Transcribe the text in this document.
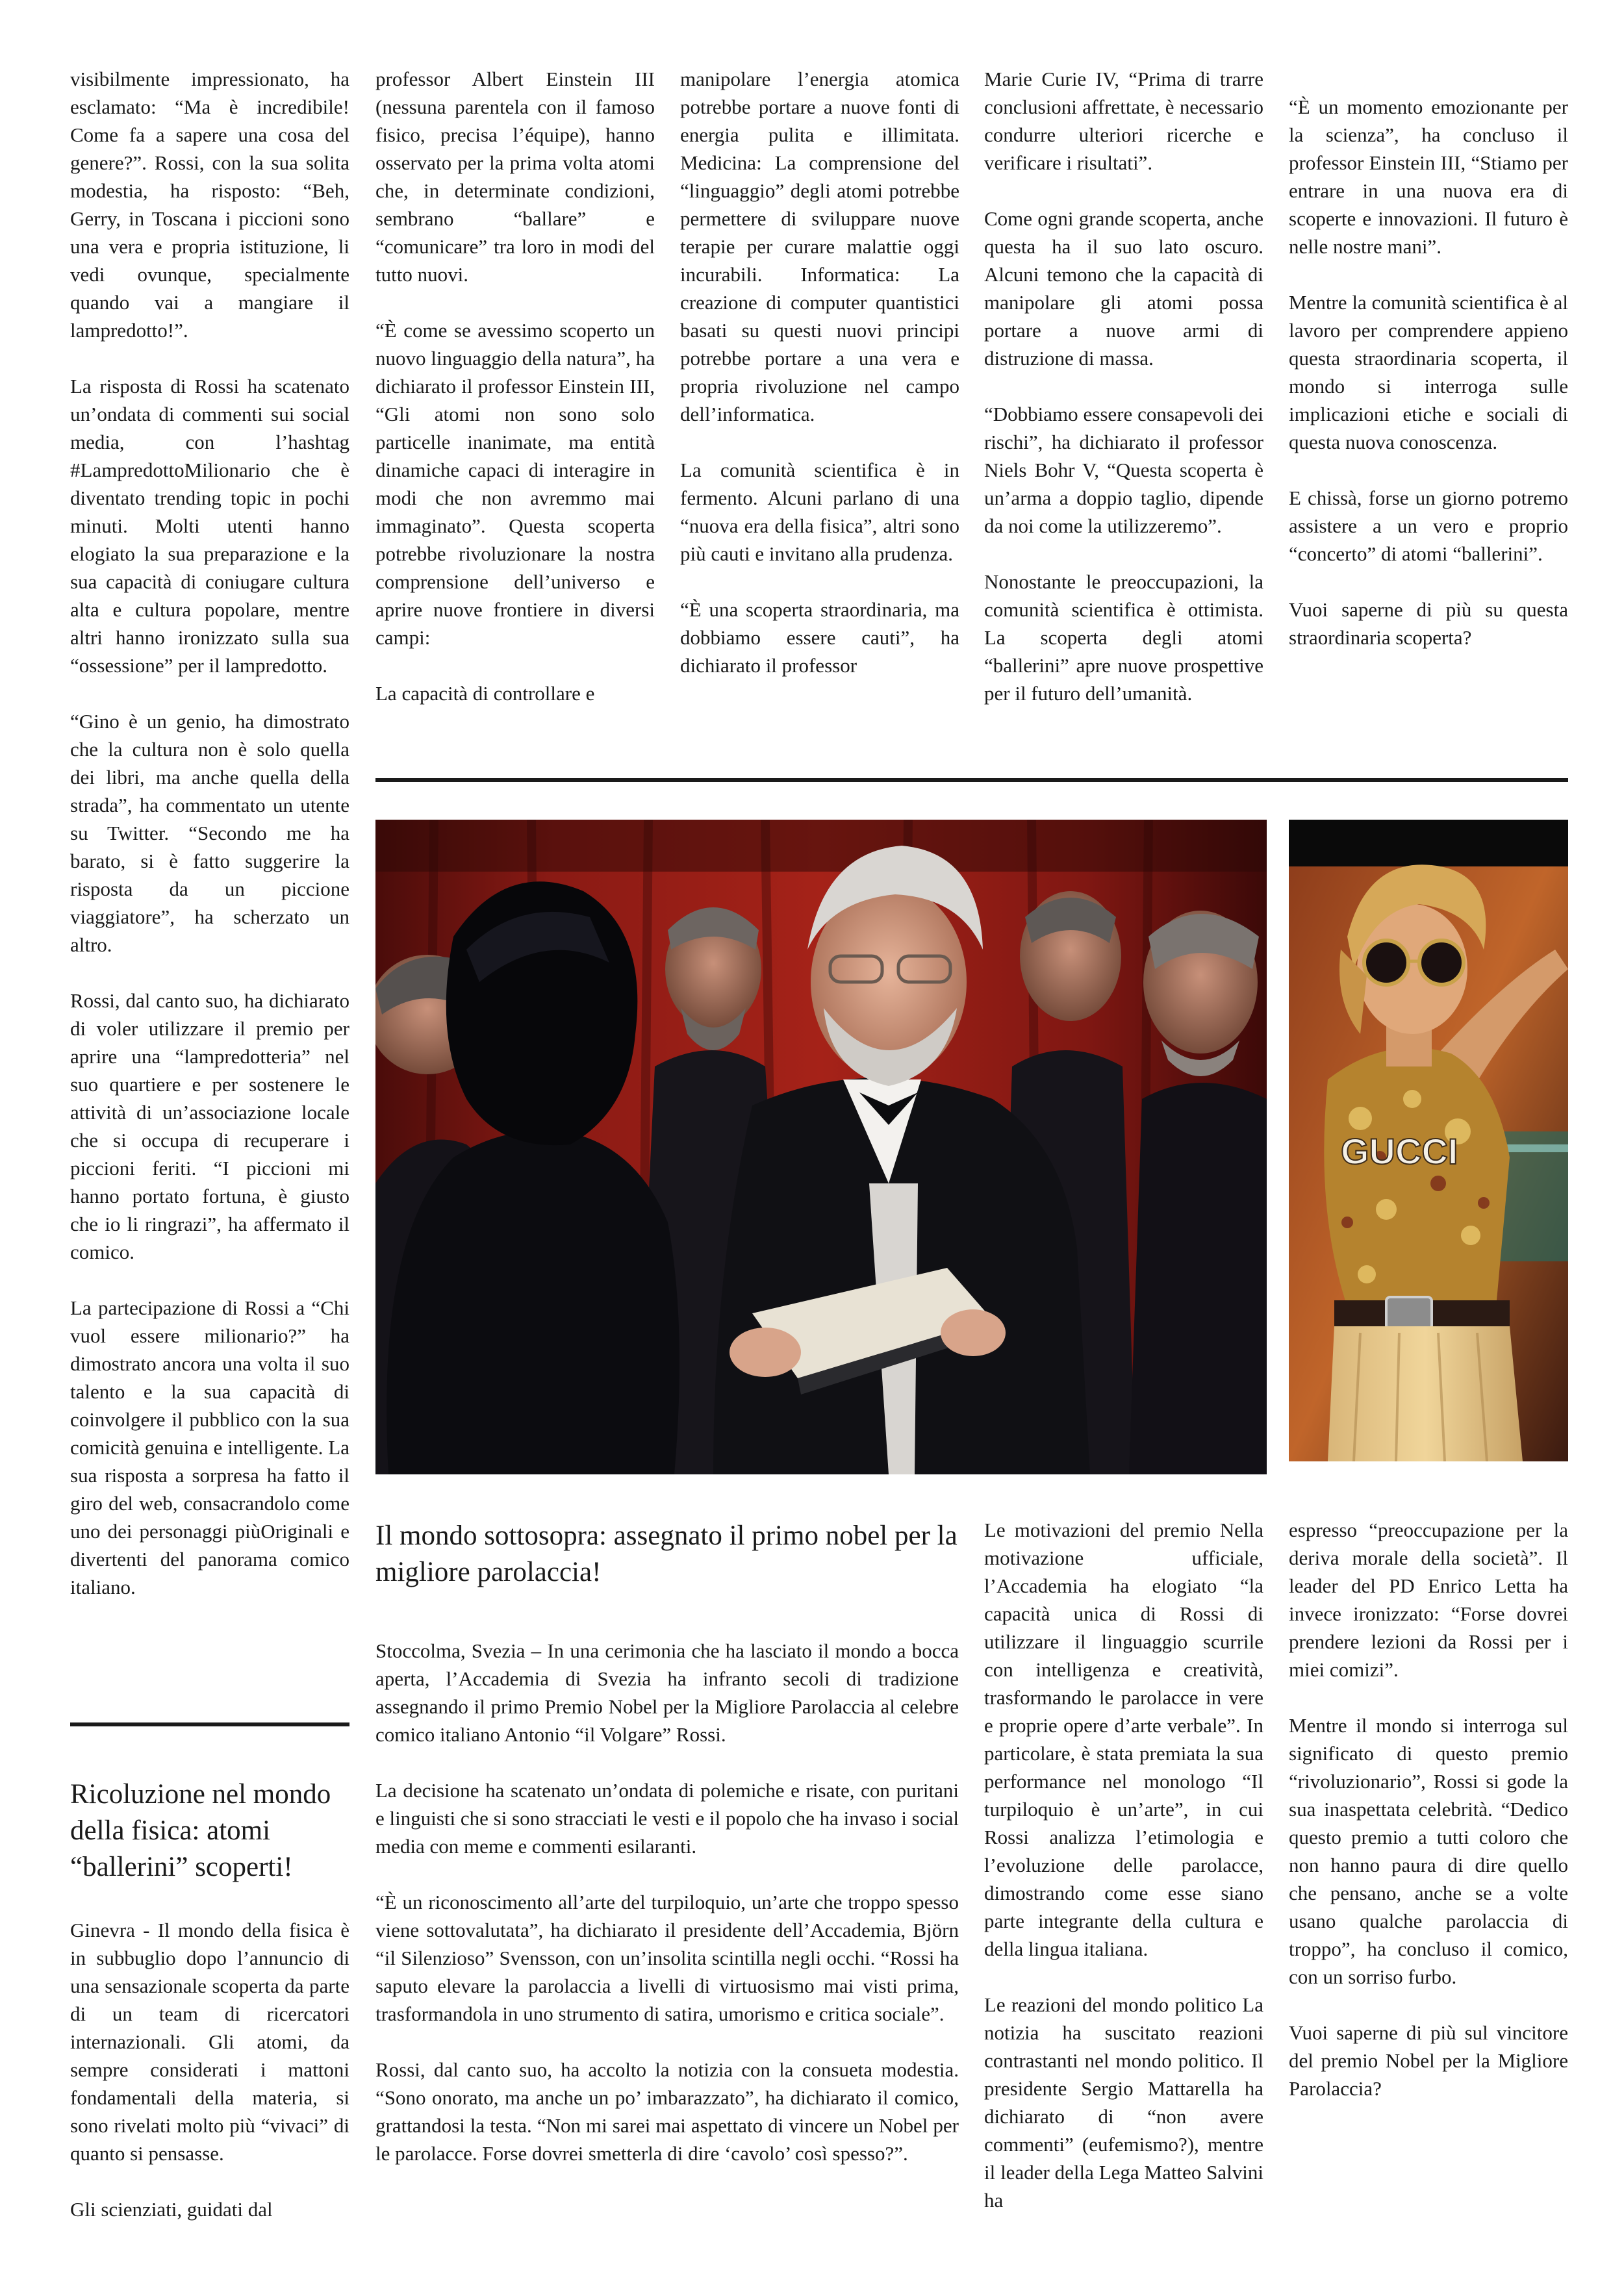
visibilmente impressionato, ha esclamato: “Ma è incredibile! Come fa a sapere una cosa del genere?”. Rossi, con la sua solita modestia, ha risposto: “Beh, Gerry, in Toscana i piccioni sono una vera e propria istituzione, li vedi ovunque, specialmente quando vai a mangiare il lampredotto!”.

La risposta di Rossi ha scatenato un’ondata di commenti sui social media, con l’hashtag #LampredottoMilionario che è diventato trending topic in pochi minuti. Molti utenti hanno elogiato la sua preparazione e la sua capacità di coniugare cultura alta e cultura popolare, mentre altri hanno ironizzato sulla sua “ossessione” per il lampredotto.

“Gino è un genio, ha dimostrato che la cultura non è solo quella dei libri, ma anche quella della strada”, ha commentato un utente su Twitter. “Secondo me ha barato, si è fatto suggerire la risposta da un piccione viaggiatore”, ha scherzato un altro.

Rossi, dal canto suo, ha dichiarato di voler utilizzare il premio per aprire una “lampredotteria” nel suo quartiere e per sostenere le attività di un’associazione locale che si occupa di recuperare i piccioni feriti. “I piccioni mi hanno portato fortuna, è giusto che io li ringrazi”, ha affermato il comico.

La partecipazione di Rossi a “Chi vuol essere milionario?” ha dimostrato ancora una volta il suo talento e la sua capacità di coinvolgere il pubblico con la sua comicità genuina e intelligente. La sua risposta a sorpresa ha fatto il giro del web, consacrandolo come uno dei personaggi piùOriginali e divertenti del panorama comico italiano.

Ricoluzione nel mondo della fisica: atomi “ballerini” scoperti!

Ginevra - Il mondo della fisica è in subbuglio dopo l’annuncio di una sensazionale scoperta da parte di un team di ricercatori internazionali. Gli atomi, da sempre considerati i mattoni fondamentali della materia, si sono rivelati molto più “vivaci” di quanto si pensasse.

Gli scienziati, guidati dal

professor Albert Einstein III (nessuna parentela con il famoso fisico, precisa l’équipe), hanno osservato per la prima volta atomi che, in determinate condizioni, sembrano “ballare” e “comunicare” tra loro in modi del tutto nuovi.

“È come se avessimo scoperto un nuovo linguaggio della natura”, ha dichiarato il professor Einstein III, “Gli atomi non sono solo particelle inanimate, ma entità dinamiche capaci di interagire in modi che non avremmo mai immaginato”. Questa scoperta potrebbe rivoluzionare la nostra comprensione dell’universo e aprire nuove frontiere in diversi campi:

La capacità di controllare e

manipolare l’energia atomica potrebbe portare a nuove fonti di energia pulita e illimitata. Medicina: La comprensione del “linguaggio” degli atomi potrebbe permettere di sviluppare nuove terapie per curare malattie oggi incurabili. Informatica: La creazione di computer quantistici basati su questi nuovi principi potrebbe portare a una vera e propria rivoluzione nel campo dell’informatica.

La comunità scientifica è in fermento. Alcuni parlano di una “nuova era della fisica”, altri sono più cauti e invitano alla prudenza.

“È una scoperta straordinaria, ma dobbiamo essere cauti”, ha dichiarato il professor

Marie Curie IV, “Prima di trarre conclusioni affrettate, è necessario condurre ulteriori ricerche e verificare i risultati”.

Come ogni grande scoperta, anche questa ha il suo lato oscuro. Alcuni temono che la capacità di manipolare gli atomi possa portare a nuove armi di distruzione di massa.

“Dobbiamo essere consapevoli dei rischi”, ha dichiarato il professor Niels Bohr V, “Questa scoperta è un’arma a doppio taglio, dipende da noi come la utilizzeremo”.

Nonostante le preoccupazioni, la comunità scientifica è ottimista. La scoperta degli atomi “ballerini” apre nuove prospettive per il futuro dell’umanità.

“È un momento emozionante per la scienza”, ha concluso il professor Einstein III, “Stiamo per entrare in una nuova era di scoperte e innovazioni. Il futuro è nelle nostre mani”.

Mentre la comunità scientifica è al lavoro per comprendere appieno questa straordinaria scoperta, il mondo si interroga sulle implicazioni etiche e sociali di questa nuova conoscenza.

E chissà, forse un giorno potremo assistere a un vero e proprio “concerto” di atomi “ballerini”.

Vuoi saperne di più su questa straordinaria scoperta?

GUCCI
Il mondo sottosopra: assegnato il primo nobel per la migliore parolaccia!

Stoccolma, Svezia – In una cerimonia che ha lasciato il mondo a bocca aperta, l’Accademia di Svezia ha infranto secoli di tradizione assegnando il primo Premio Nobel per la Migliore Parolaccia al celebre comico italiano Antonio “il Volgare” Rossi.

La decisione ha scatenato un’ondata di polemiche e risate, con puritani e linguisti che si sono stracciati le vesti e il popolo che ha invaso i social media con meme e commenti esilaranti.

“È un riconoscimento all’arte del turpiloquio, un’arte che troppo spesso viene sottovalutata”, ha dichiarato il presidente dell’Accademia, Björn “il Silenzioso” Svensson, con un’insolita scintilla negli occhi. “Rossi ha saputo elevare la parolaccia a livelli di virtuosismo mai visti prima, trasformandola in uno strumento di satira, umorismo e critica sociale”.

Rossi, dal canto suo, ha accolto la notizia con la consueta modestia. “Sono onorato, ma anche un po’ imbarazzato”, ha dichiarato il comico, grattandosi la testa. “Non mi sarei mai aspettato di vincere un Nobel per le parolacce. Forse dovrei smetterla di dire ‘cavolo’ così spesso?”.

Le motivazioni del premio Nella motivazione ufficiale, l’Accademia ha elogiato “la capacità unica di Rossi di utilizzare il linguaggio scurrile con intelligenza e creatività, trasformando le parolacce in vere e proprie opere d’arte verbale”. In particolare, è stata premiata la sua performance nel monologo “Il turpiloquio è un’arte”, in cui Rossi analizza l’etimologia e l’evoluzione delle parolacce, dimostrando come esse siano parte integrante della cultura e della lingua italiana.

Le reazioni del mondo politico La notizia ha suscitato reazioni contrastanti nel mondo politico. Il presidente Sergio Mattarella ha dichiarato di “non avere commenti” (eufemismo?), mentre il leader della Lega Matteo Salvini ha

espresso “preoccupazione per la deriva morale della società”. Il leader del PD Enrico Letta ha invece ironizzato: “Forse dovrei prendere lezioni da Rossi per i miei comizi”.

Mentre il mondo si interroga sul significato di questo premio “rivoluzionario”, Rossi si gode la sua inaspettata celebrità. “Dedico questo premio a tutti coloro che non hanno paura di dire quello che pensano, anche se a volte usano qualche parolaccia di troppo”, ha concluso il comico, con un sorriso furbo.

Vuoi saperne di più sul vincitore del premio Nobel per la Migliore Parolaccia?
